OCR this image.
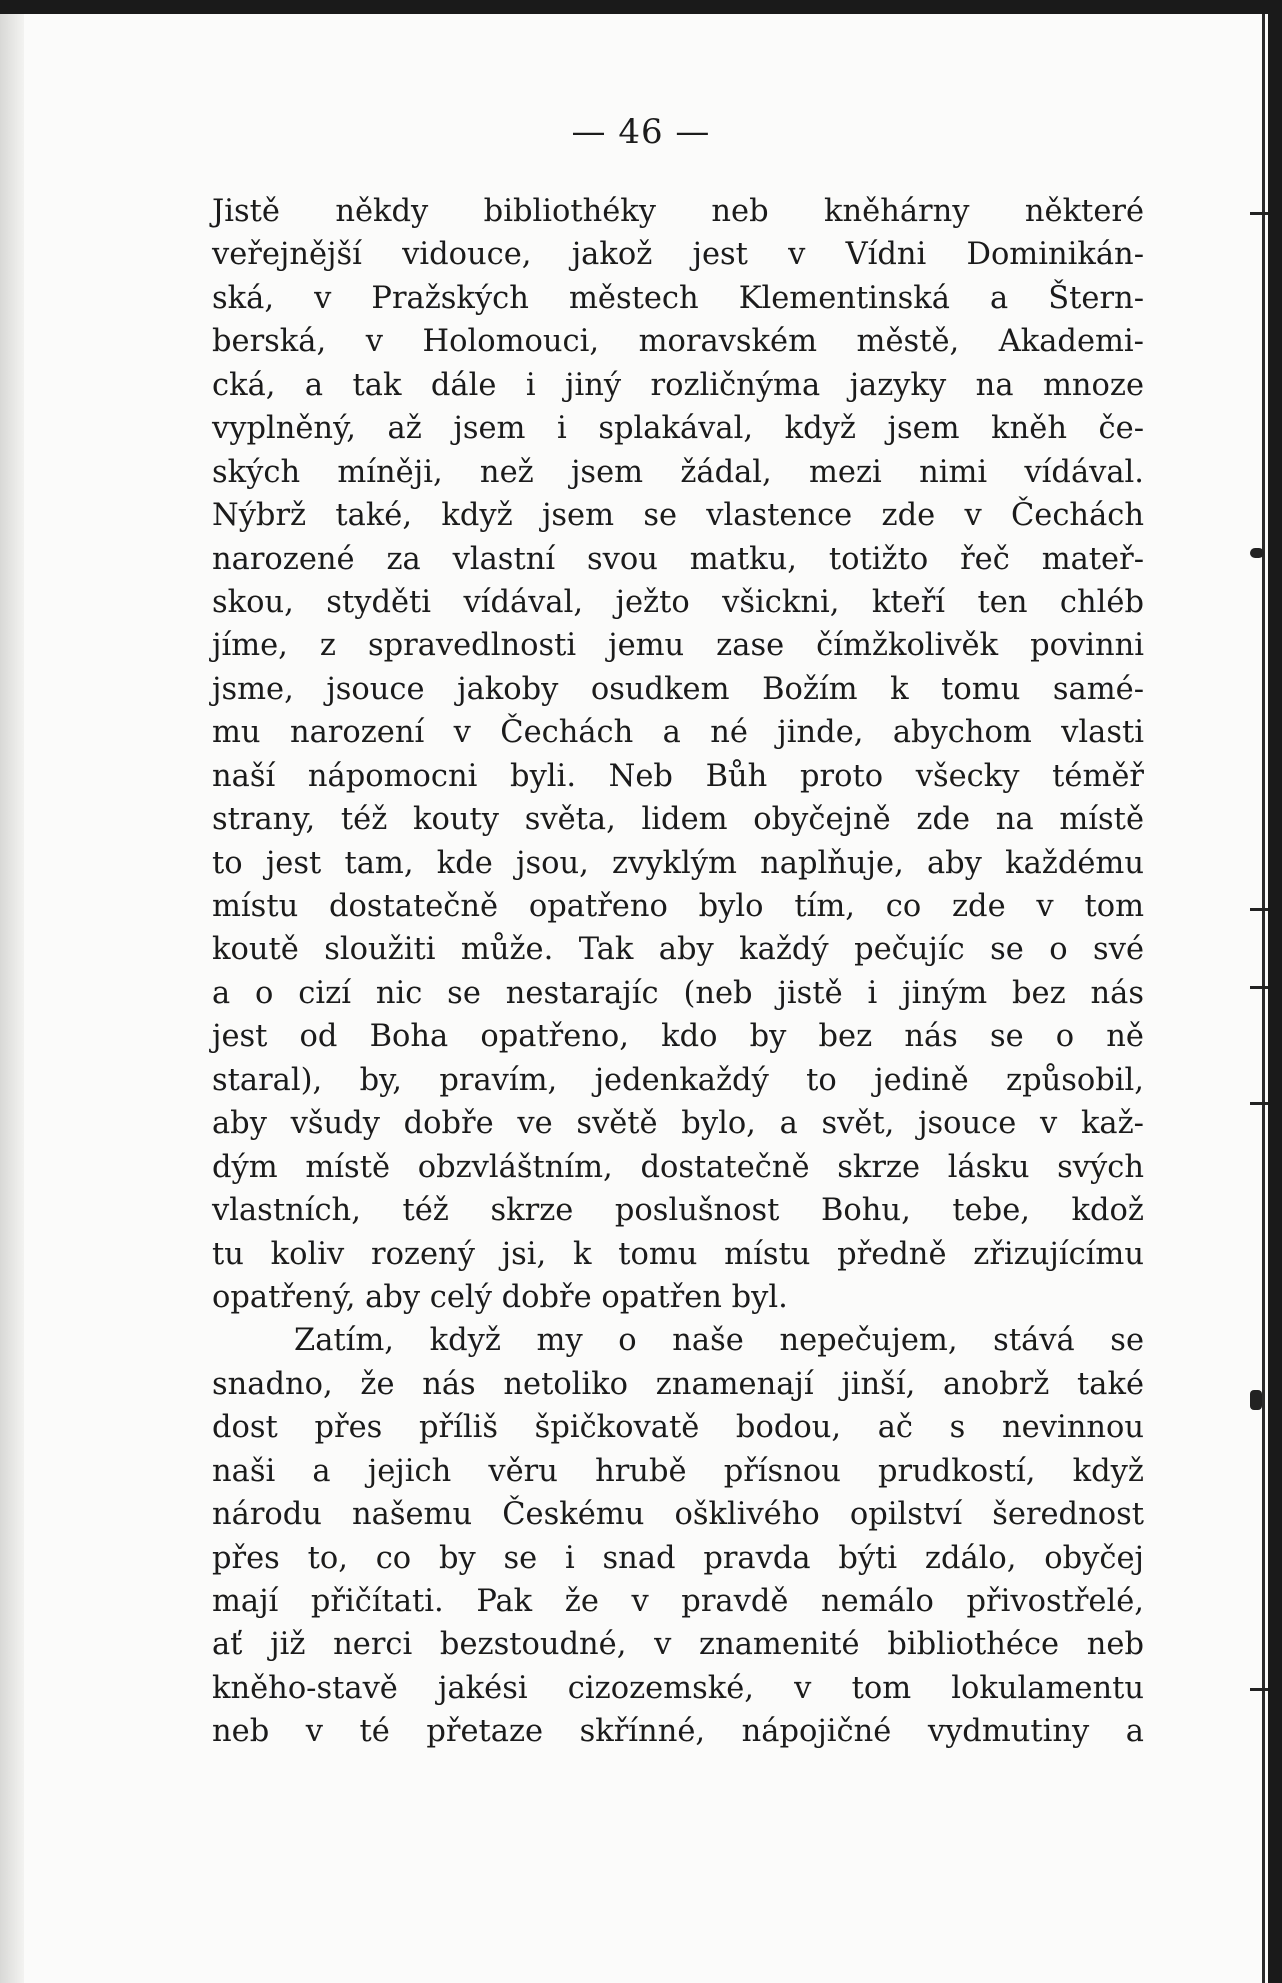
— 46 —
Jistě někdy bibliothéky neb kněhárny některé
veřejnější vidouce, jakož jest v Vídni Dominikán-
ská, v Pražských městech Klementinská a Štern-
berská, v Holomouci, moravském městě, Akademi-
cká, a tak dále i jiný rozličnýma jazyky na mnoze
vyplněný, až jsem i splakával, když jsem kněh če-
ských míněji, než jsem žádal, mezi nimi vídával.
Nýbrž také, když jsem se vlastence zde v Čechách
narozené za vlastní svou matku, totižto řeč mateř-
skou, styděti vídával, ježto všickni, kteří ten chléb
jíme, z spravedlnosti jemu zase čímžkolivěk povinni
jsme, jsouce jakoby osudkem Božím k tomu samé-
mu narození v Čechách a né jinde, abychom vlasti
naší nápomocni byli. Neb Bůh proto všecky téměř
strany, též kouty světa, lidem obyčejně zde na místě
to jest tam, kde jsou, zvyklým naplňuje, aby každému
místu dostatečně opatřeno bylo tím, co zde v tom
koutě sloužiti může. Tak aby každý pečujíc se o své
a o cizí nic se nestarajíc (neb jistě i jiným bez nás
jest od Boha opatřeno, kdo by bez nás se o ně
staral), by, pravím, jedenkaždý to jedině způsobil,
aby všudy dobře ve světě bylo, a svět, jsouce v kaž-
dým místě obzvláštním, dostatečně skrze lásku svých
vlastních, též skrze poslušnost Bohu, tebe, kdož
tu koliv rozený jsi, k tomu místu předně zřizujícímu
opatřený, aby celý dobře opatřen byl.
Zatím, když my o naše nepečujem, stává se
snadno, že nás netoliko znamenají jinší, anobrž také
dost přes příliš špičkovatě bodou, ač s nevinnou
naši a jejich věru hrubě přísnou prudkostí, když
národu našemu Českému ošklivého opilství šerednost
přes to, co by se i snad pravda býti zdálo, obyčej
mají přičítati. Pak že v pravdě nemálo přivostřelé,
ať již nerci bezstoudné, v znamenité bibliothéce neb
kněho-stavě jakési cizozemské, v tom lokulamentu
neb v té přetaze skřínné, nápojičné vydmutiny a
